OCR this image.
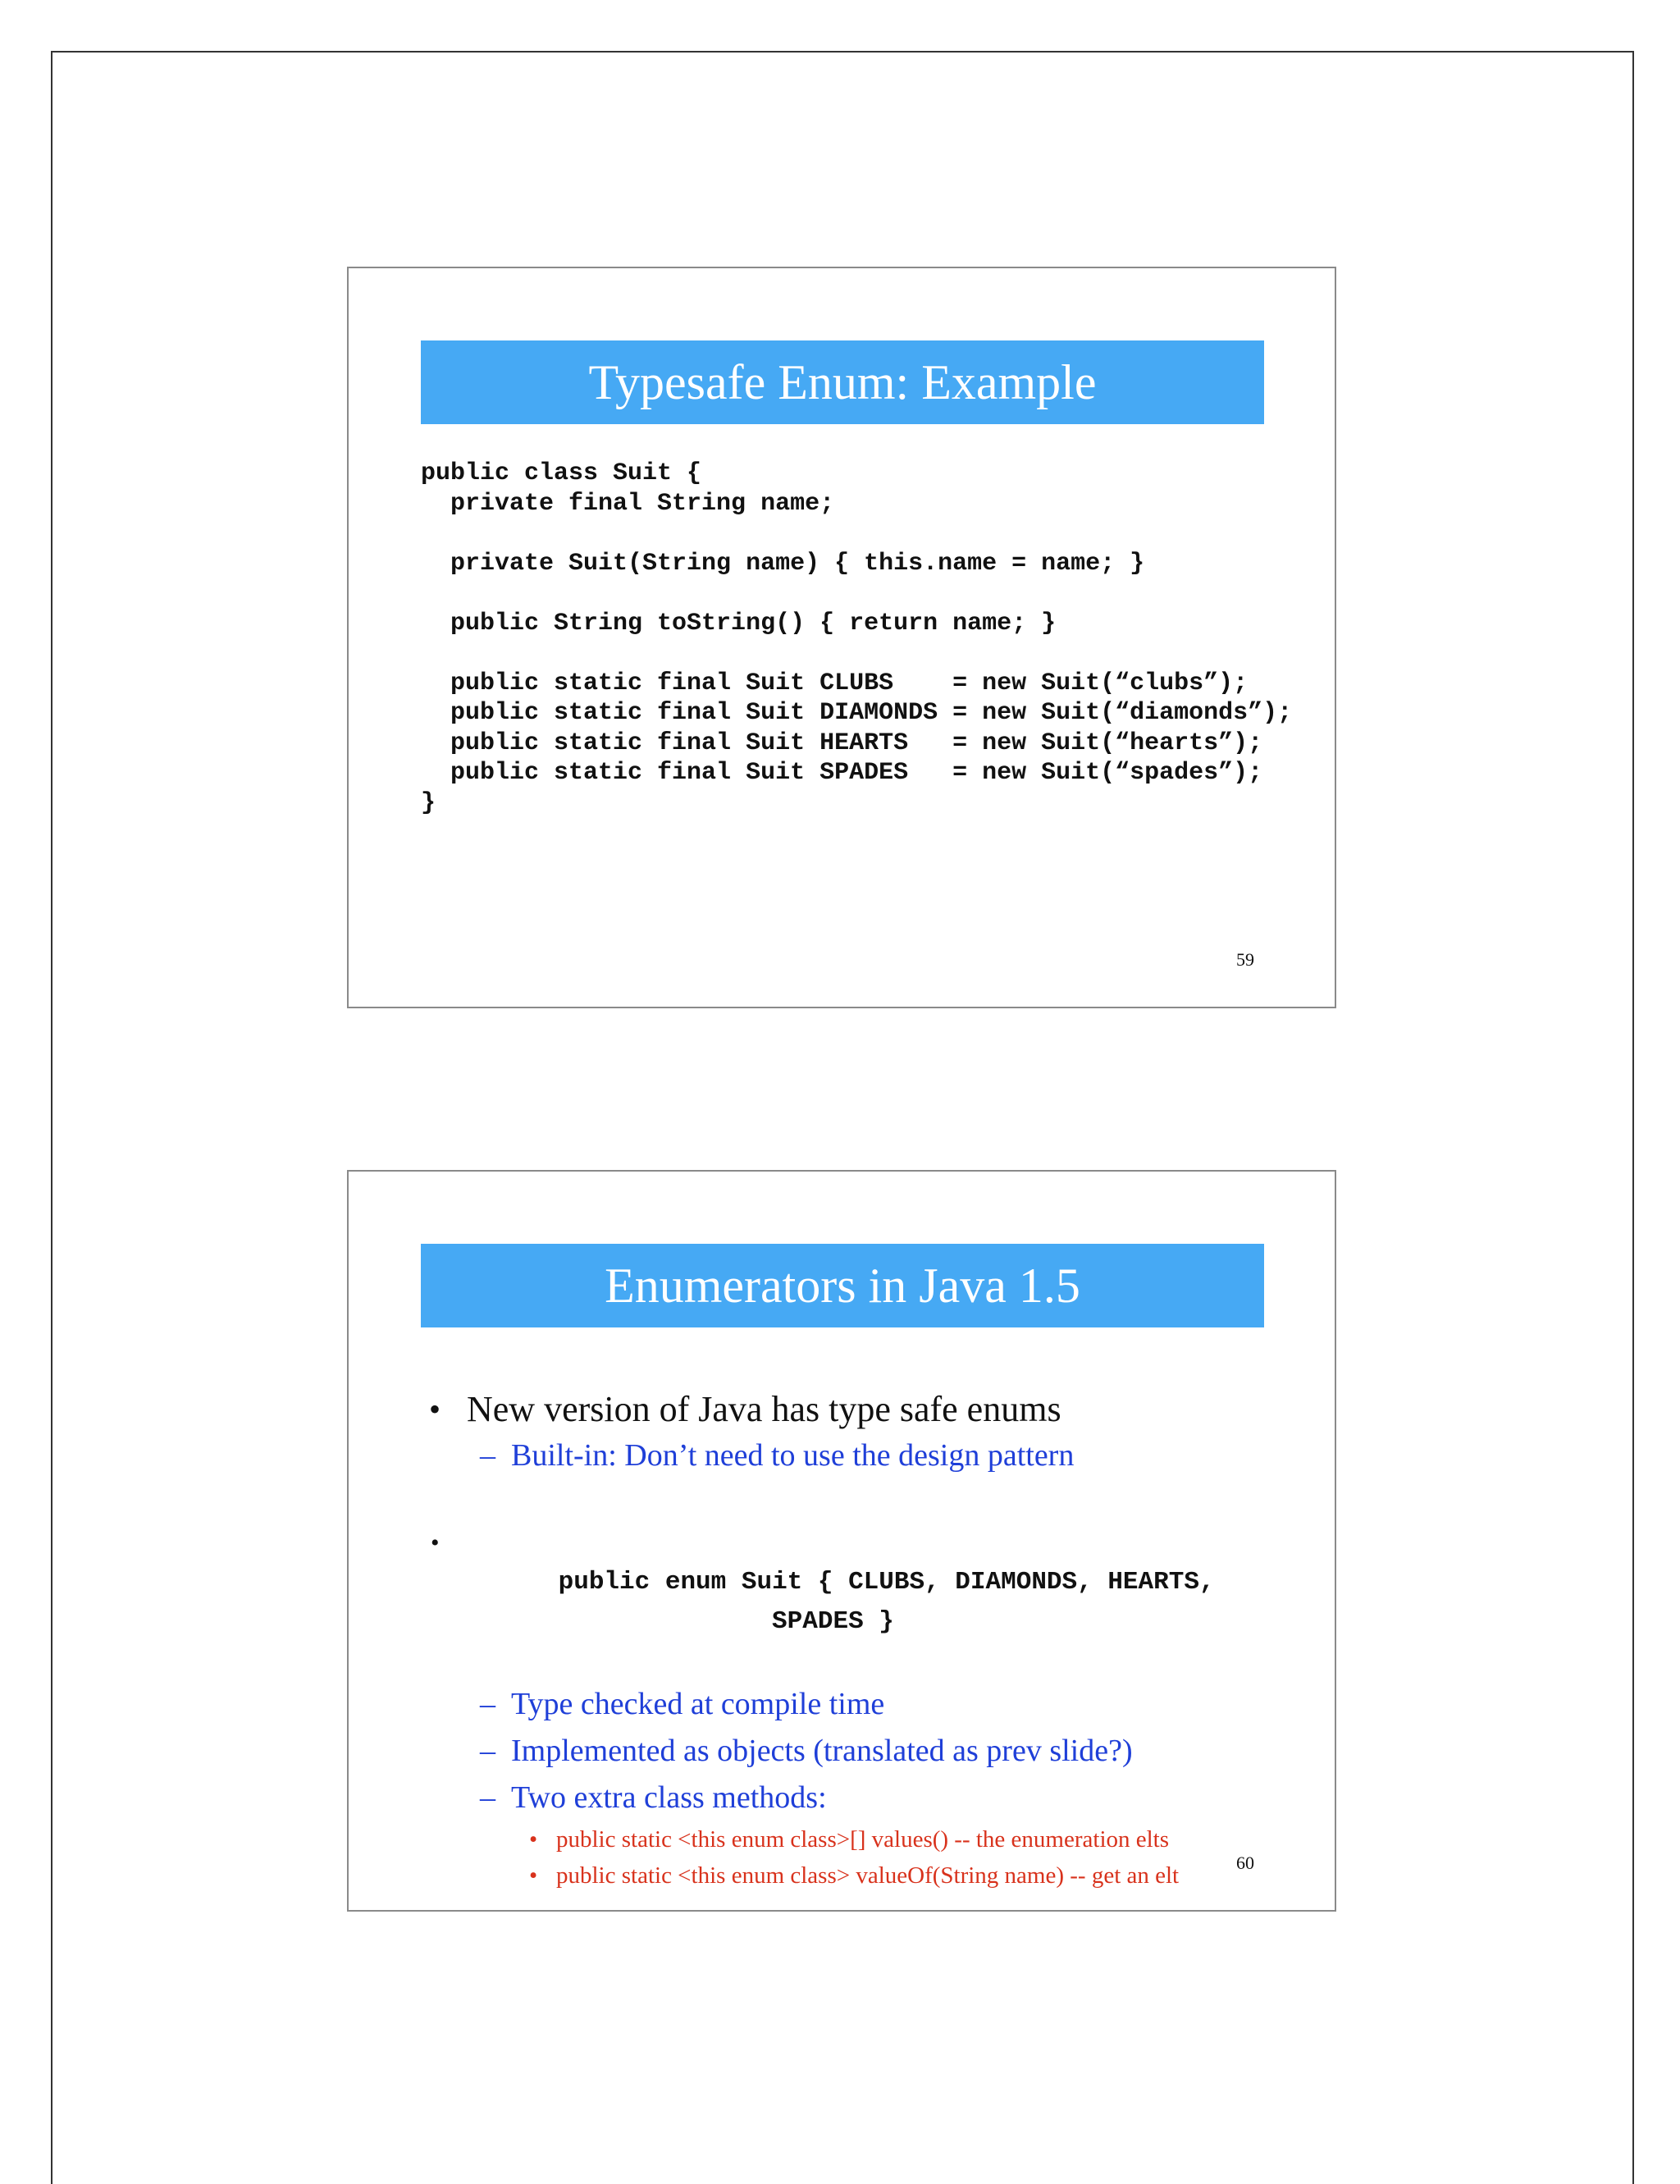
Typesafe Enum: Example
public class Suit {
private final String name;

private Suit(String name) { this.name = name; }

public String toString() { return name; }

public static final Suit CLUBS    = new Suit(“clubs”);
public static final Suit DIAMONDS = new Suit(“diamonds”);
public static final Suit HEARTS   = new Suit(“hearts”);
public static final Suit SPADES   = new Suit(“spades”);
}
59
Enumerators in Java 1.5
• New version of Java has type safe enums
– Built-in: Don’t need to use the design pattern

•
public enum Suit { CLUBS, DIAMONDS, HEARTS,
SPADES }

– Type checked at compile time
– Implemented as objects (translated as prev slide?)
– Two extra class methods:
• public static <this enum class>[] values() -- the enumeration elts
• public static <this enum class> valueOf(String name) -- get an elt	60
